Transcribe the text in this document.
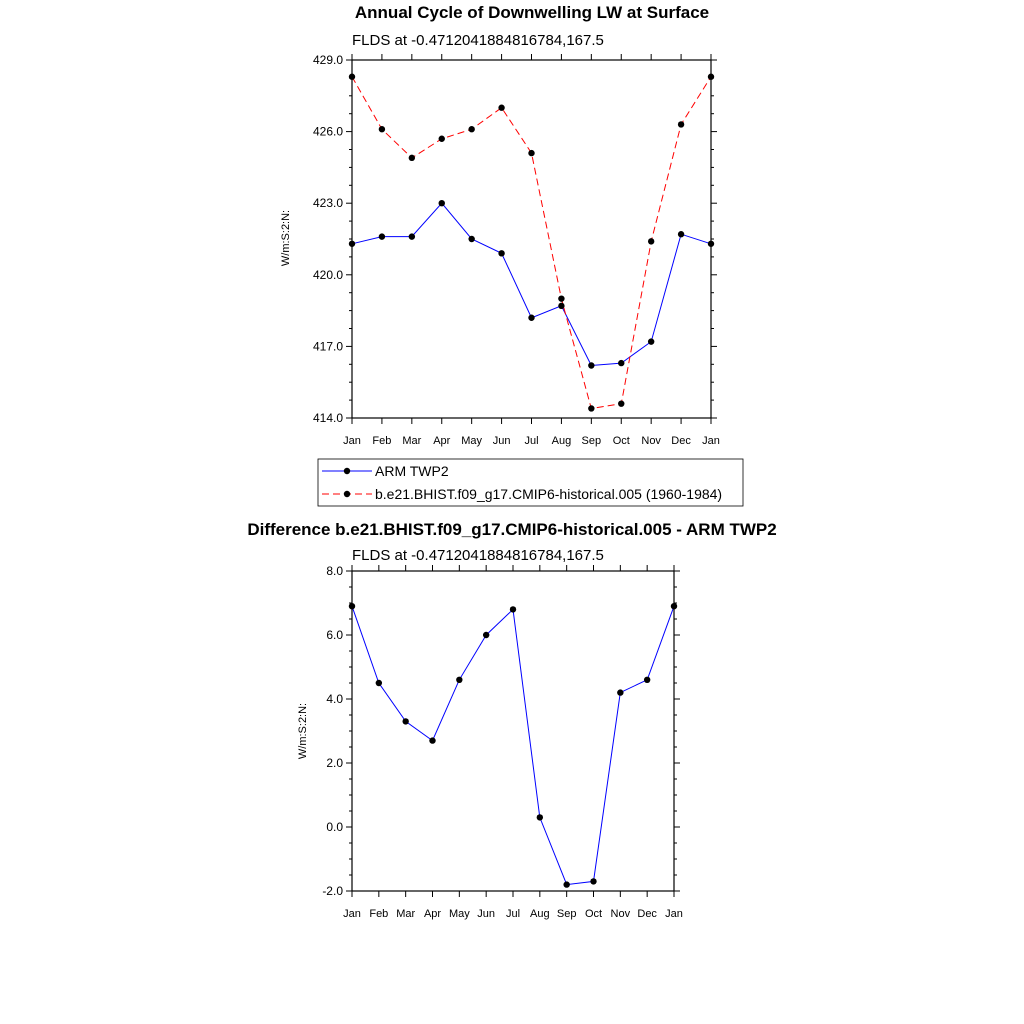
Annual Cycle of Downwelling LW at Surface
FLDS at -0.4712041884816784,167.5
W/m:S:2:N:
414.0
417.0
420.0
423.0
426.0
429.0
Jan Feb Mar Apr May Jun Jul Aug Sep Oct Nov Dec Jan
ARM TWP2
b.e21.BHIST.f09_g17.CMIP6-historical.005 (1960-1984)
Difference b.e21.BHIST.f09_g17.CMIP6-historical.005 - ARM TWP2
FLDS at -0.4712041884816784,167.5
W/m:S:2:N:
-2.0
0.0
2.0
4.0
6.0
8.0
Jan Feb Mar Apr May Jun Jul Aug Sep Oct Nov Dec Jan
